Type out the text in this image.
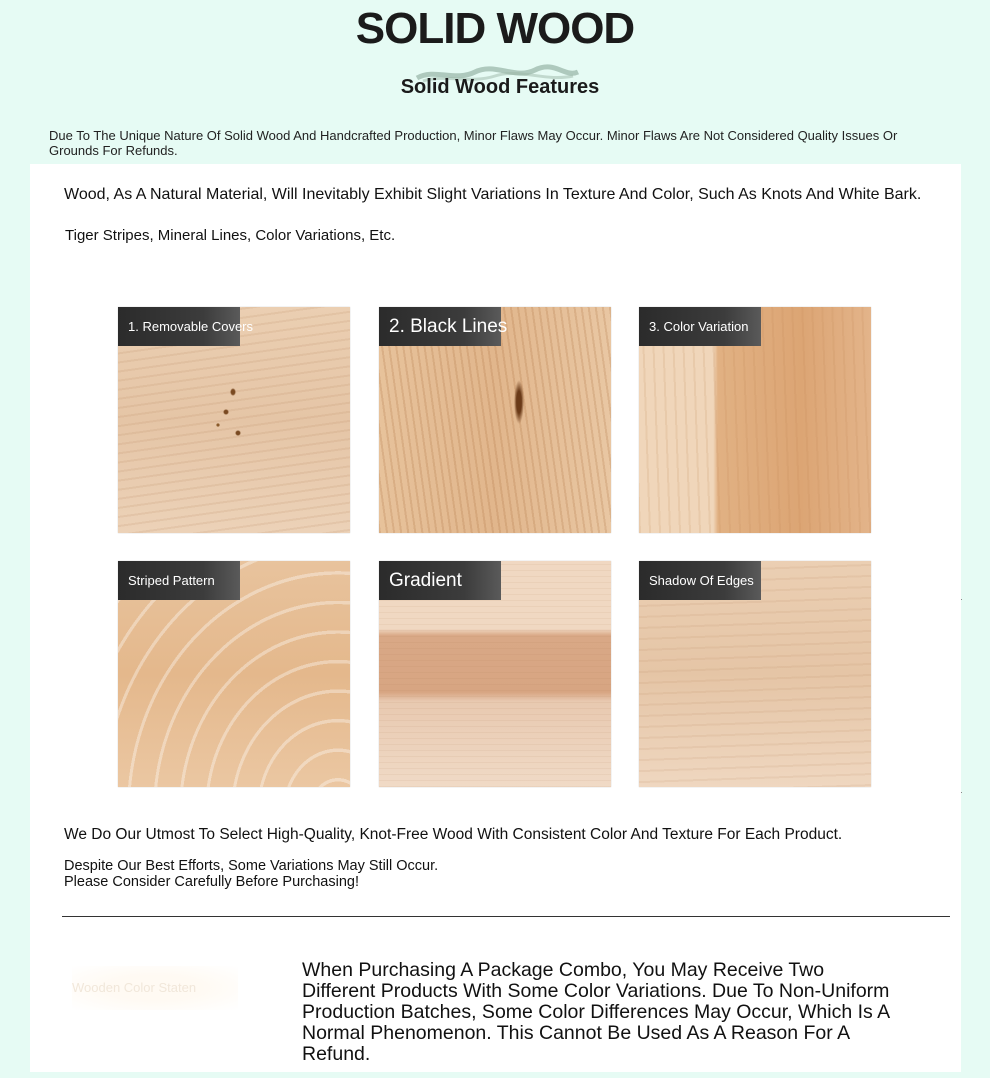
SOLID WOOD
Solid Wood Features

Due To The Unique Nature Of Solid Wood And Handcrafted Production, Minor Flaws May Occur. Minor Flaws Are Not Considered Quality Issues Or Grounds For Refunds.

Wood, As A Natural Material, Will Inevitably Exhibit Slight Variations In Texture And Color, Such As Knots And White Bark.

Tiger Stripes, Mineral Lines, Color Variations, Etc.

1. Removable Covers	2. Black Lines	3. Color Variation
Striped Pattern	Gradient	Shadow Of Edges

We Do Our Utmost To Select High-Quality, Knot-Free Wood With Consistent Color And Texture For Each Product.

Despite Our Best Efforts, Some Variations May Still Occur.
Please Consider Carefully Before Purchasing!
Wooden Color Staten

When Purchasing A Package Combo, You May Receive Two Different Products With Some Color Variations. Due To Non-Uniform Production Batches, Some Color Differences May Occur, Which Is A Normal Phenomenon. This Cannot Be Used As A Reason For A Refund.
